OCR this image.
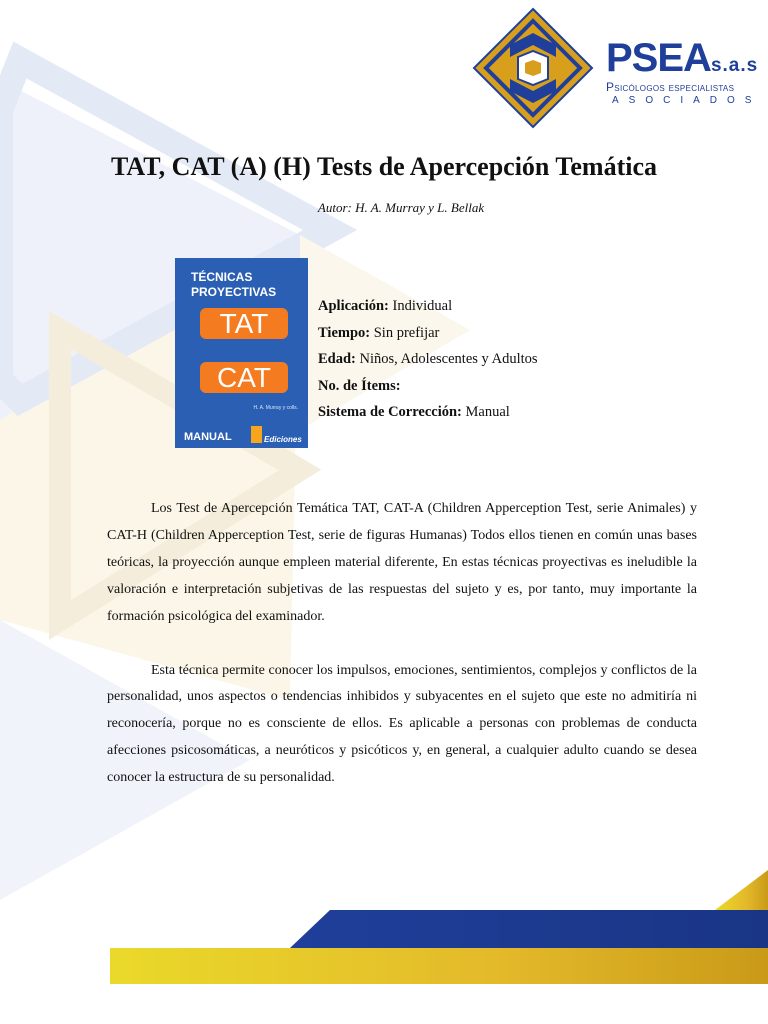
PSEAs.a.s
Psicólogos especialistas
ASOCIADOS
TAT, CAT (A) (H) Tests de Apercepción Temática
Autor: H. A. Murray y L. Bellak
TÉCNICAS
PROYECTIVAS
TAT
CAT
H. A. Murray y colls.
MANUAL	Ediciones
Aplicación: Individual
Tiempo: Sin prefijar
Edad: Niños, Adolescentes y Adultos
No. de Ítems:
Sistema de Corrección: Manual

Los Test de Apercepción Temática TAT, CAT-A (Children Apperception Test, serie Animales) y CAT-H (Children Apperception Test, serie de figuras Humanas) Todos ellos tienen en común unas bases teóricas, la proyección aunque empleen material diferente, En estas técnicas proyectivas es ineludible la valoración e interpretación subjetivas de las respuestas del sujeto y es, por tanto, muy importante la formación psicológica del examinador.

Esta técnica permite conocer los impulsos, emociones, sentimientos, complejos y conflictos de la personalidad, unos aspectos o tendencias inhibidos y subyacentes en el sujeto que este no admitiría ni reconocería, porque no es consciente de ellos. Es aplicable a personas con problemas de conducta afecciones psicosomáticas, a neuróticos y psicóticos y, en general, a cualquier adulto cuando se desea conocer la estructura de su personalidad.
